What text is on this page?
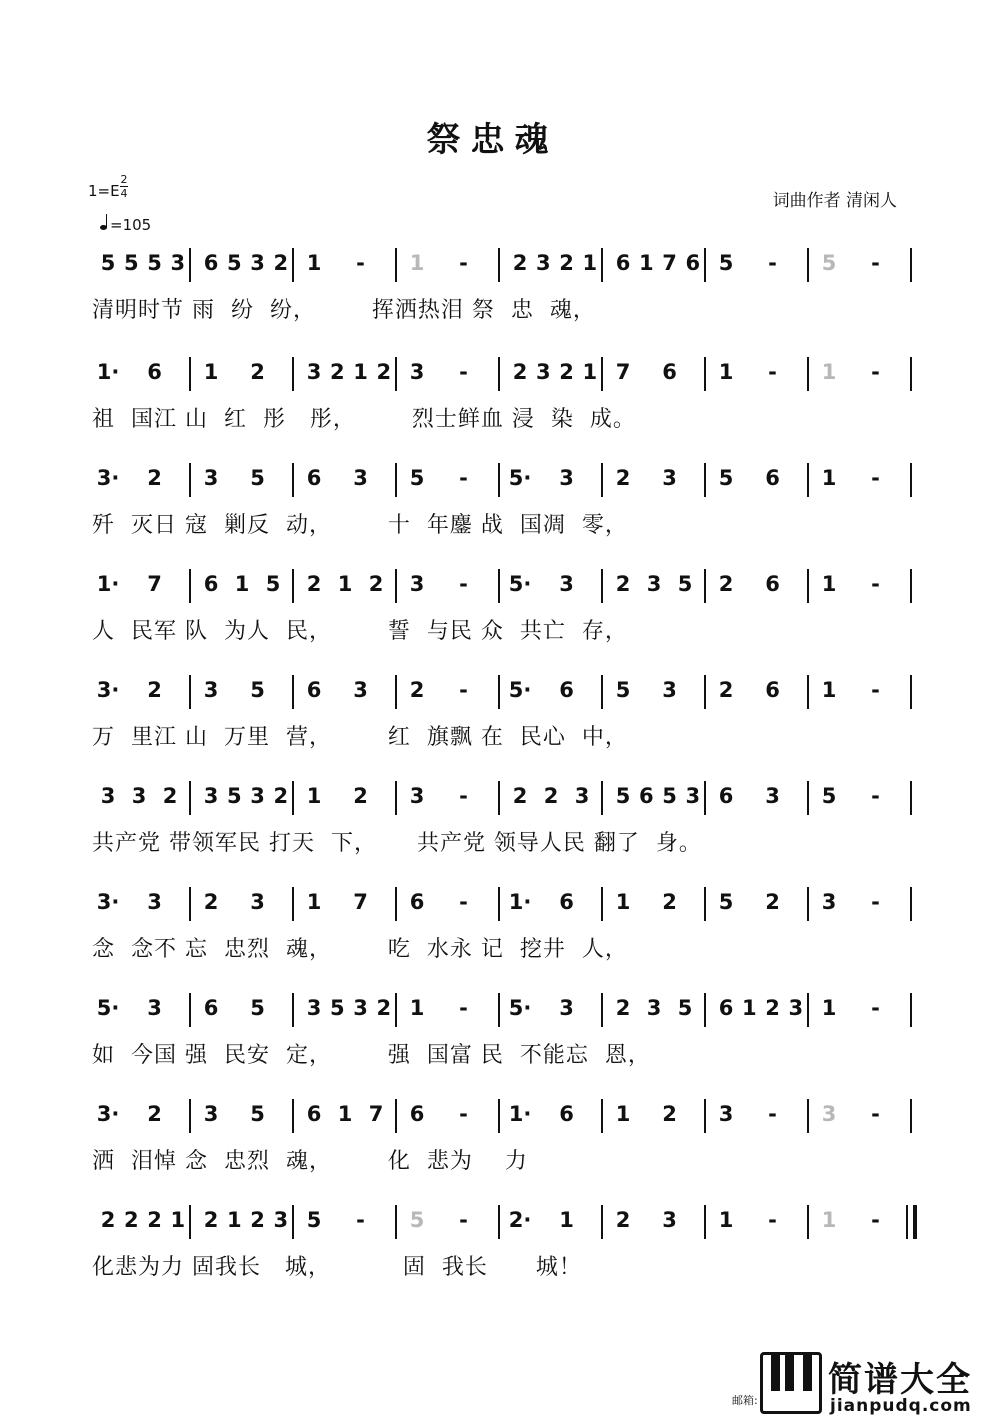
祭忠魂
1=E
2
4
=105
词曲作者 清闲人
5 5 5 3 6 5 3 2 1	-	1	-	2 3 2 1 6 1 7 6 5	-	5	-
清明时节 雨  纷  纷，       挥洒热泪 祭  忠  魂，
1·	6	1	2	3 2 1 2 3	-	2 3 2 1 7	6	1	-	1	-
祖  国江 山  红  彤   彤，       烈士鲜血 浸  染  成。
3·	2	3	5	6	3	5	-	5·	3	2	3	5	6	1	-
歼  灭日 寇  剿反  动，       十  年鏖 战  国凋  零，
1·	7	6 1 5	2 1 2	3	-	5·	3	2 3 5	2	6	1	-
人  民军 队  为人  民，       誓  与民 众  共亡  存，
3·	2	3	5	6	3	2	-	5·	6	5	3	2	6	1	-
万  里江 山  万里  营，       红  旗飘 在  民心  中，
3 3 2	3 5 3 2 1	2	3	-	2 2 3	5 6 5 3 6	3	5	-
共产党 带领军民 打天  下，     共产党 领导人民 翻了  身。
3·	3	2	3	1	7	6	-	1·	6	1	2	5	2	3	-
念  念不 忘  忠烈  魂，       吃  水永 记  挖井  人，
5·	3	6	5	3 5 3 2 1	-	5·	3	2 3 5	6 1 2 3 1	-
如  今国 强  民安  定，       强  国富 民  不能忘  恩，
3·	2	3	5	6 1 7	6	-	1·	6	1	2	3	-	3	-
洒  泪悼 念  忠烈  魂，       化  悲为    力
2 2 2 1 2 1 2 3 5	-	5	-	2·	1	2	3	1	-	1	-
化悲为力 固我长   城，         固  我长      城！
邮箱:
简谱大全
jianpudq.com
